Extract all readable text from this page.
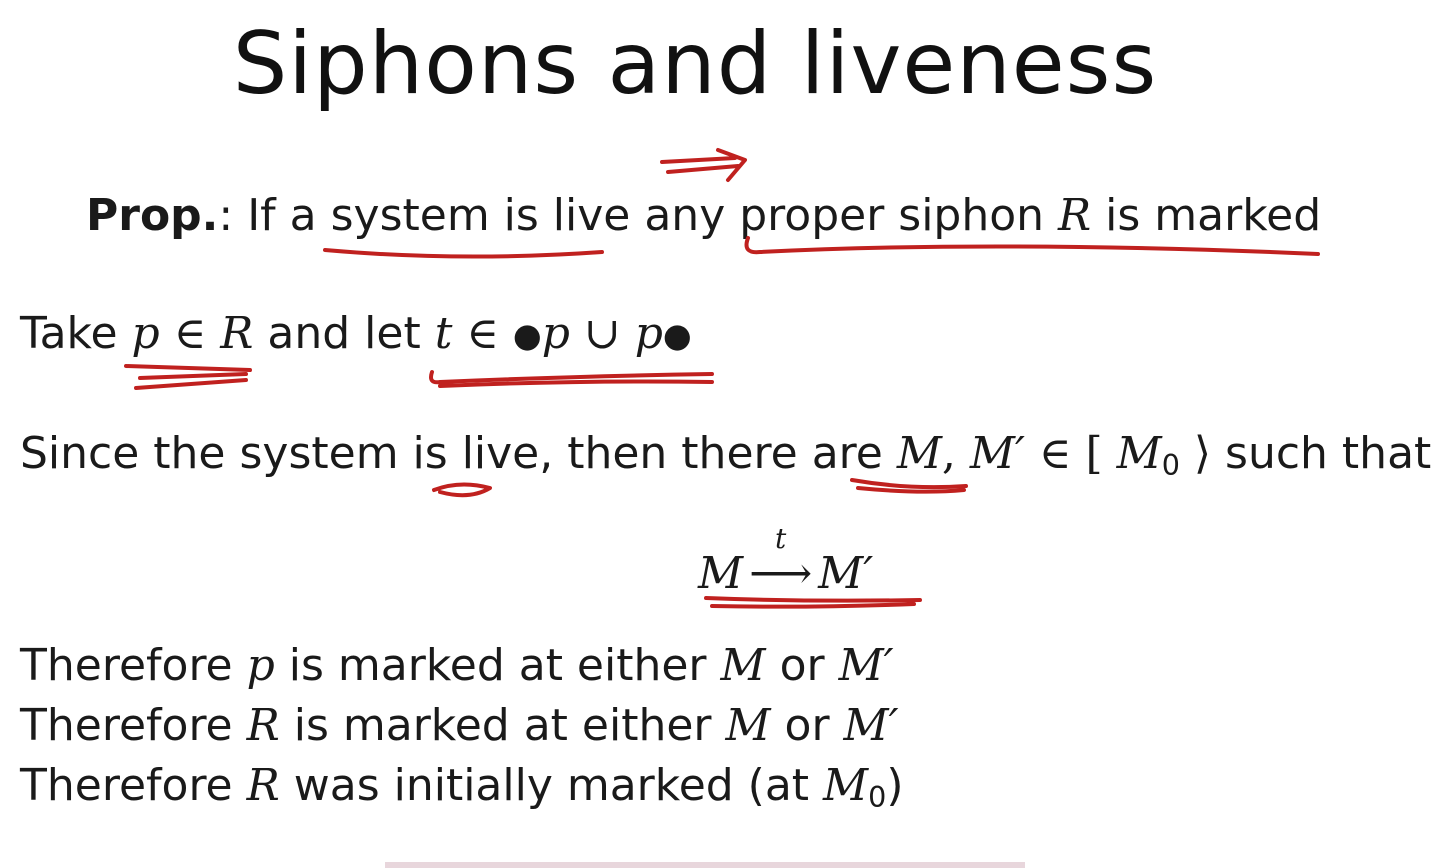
Siphons and liveness
Prop.: If a system is live any proper siphon R is marked
Take p ∈ R and let t ∈ ●p ∪ p●
Since the system is live, then there are M, M′ ∈ [ $M_0$ ⟩ such that
M
t
⟶ M′
Therefore p is marked at either M or M′
Therefore R is marked at either M or M′
Therefore R was initially marked (at $M_0$)
